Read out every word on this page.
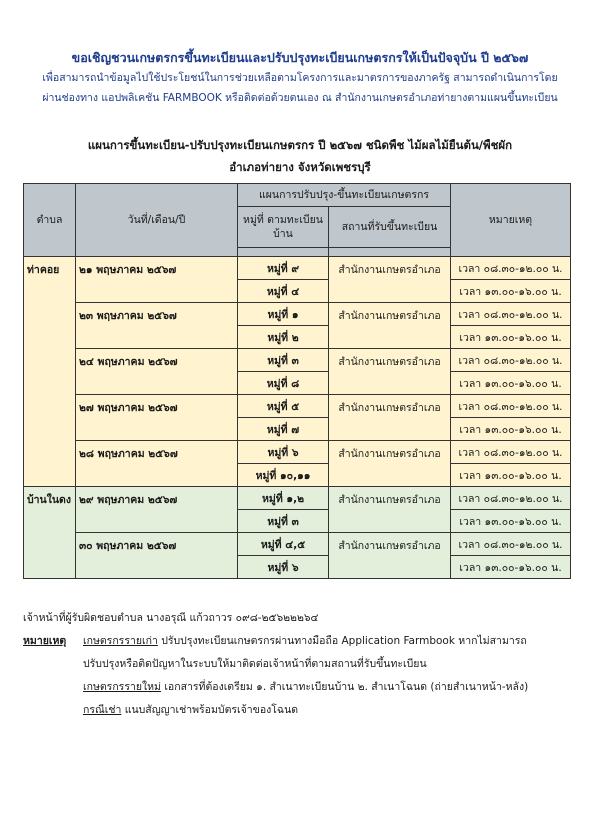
ขอเชิญชวนเกษตรกรขึ้นทะเบียนและปรับปรุงทะเบียนเกษตรกรให้เป็นปัจจุบัน ปี ๒๕๖๗
เพื่อสามารถนำข้อมูลไปใช้ประโยชน์ในการช่วยเหลือตามโครงการและมาตรการของภาครัฐ สามารถดำเนินการโดย
ผ่านช่องทาง แอปพลิเคชัน FARMBOOK หรือติดต่อด้วยตนเอง ณ สำนักงานเกษตรอำเภอท่ายางตามแผนขึ้นทะเบียน
แผนการขึ้นทะเบียน-ปรับปรุงทะเบียนเกษตรกร ปี ๒๕๖๗ ชนิดพืช ไม้ผลไม้ยืนต้น/พืชผัก
อำเภอท่ายาง จังหวัดเพชรบุรี
ตำบล	วันที่/เดือน/ปี	แผนการปรับปรุง-ขึ้นทะเบียนเกษตรกร		หมายเหตุ
		หมู่ที่ ตามทะเบียนบ้าน	สถานที่รับขึ้นทะเบียน	

ท่าคอย	๒๑ พฤษภาคม ๒๕๖๗	หมู่ที่ ๙	สำนักงานเกษตรอำเภอ	เวลา ๐๘.๓๐-๑๒.๐๐ น.
		หมู่ที่ ๔		เวลา ๑๓.๐๐-๑๖.๐๐ น.
	๒๓ พฤษภาคม ๒๕๖๗	หมู่ที่ ๑	สำนักงานเกษตรอำเภอ	เวลา ๐๘.๓๐-๑๒.๐๐ น.
		หมู่ที่ ๒		เวลา ๑๓.๐๐-๑๖.๐๐ น.
	๒๔ พฤษภาคม ๒๕๖๗	หมู่ที่ ๓	สำนักงานเกษตรอำเภอ	เวลา ๐๘.๓๐-๑๒.๐๐ น.
		หมู่ที่ ๘		เวลา ๑๓.๐๐-๑๖.๐๐ น.
	๒๗ พฤษภาคม ๒๕๖๗	หมู่ที่ ๕	สำนักงานเกษตรอำเภอ	เวลา ๐๘.๓๐-๑๒.๐๐ น.
		หมู่ที่ ๗		เวลา ๑๓.๐๐-๑๖.๐๐ น.
	๒๘ พฤษภาคม ๒๕๖๗	หมู่ที่ ๖	สำนักงานเกษตรอำเภอ	เวลา ๐๘.๓๐-๑๒.๐๐ น.
		หมู่ที่ ๑๐,๑๑		เวลา ๑๓.๐๐-๑๖.๐๐ น.
บ้านในดง	๒๙ พฤษภาคม ๒๕๖๗	หมู่ที่ ๑,๒	สำนักงานเกษตรอำเภอ	เวลา ๐๘.๓๐-๑๒.๐๐ น.
		หมู่ที่ ๓		เวลา ๑๓.๐๐-๑๖.๐๐ น.
	๓๐ พฤษภาคม ๒๕๖๗	หมู่ที่ ๔,๕	สำนักงานเกษตรอำเภอ	เวลา ๐๘.๓๐-๑๒.๐๐ น.
		หมู่ที่ ๖		เวลา ๑๓.๐๐-๑๖.๐๐ น.
เจ้าหน้าที่ผู้รับผิดชอบตำบล นางอรุณี แก้วถาวร ๐๙๘-๒๕๖๒๒๒๖๔
หมายเหตุ เกษตรกรรายเก่า ปรับปรุงทะเบียนเกษตรกรผ่านทางมือถือ Application Farmbook หากไม่สามารถ
ปรับปรุงหรือติดปัญหาในระบบให้มาติดต่อเจ้าหน้าที่ตามสถานที่รับขึ้นทะเบียน
เกษตรกรรายใหม่ เอกสารที่ต้องเตรียม ๑. สำเนาทะเบียนบ้าน ๒. สำเนาโฉนด (ถ่ายสำเนาหน้า-หลัง)
กรณีเช่า แนบสัญญาเช่าพร้อมบัตรเจ้าของโฉนด
